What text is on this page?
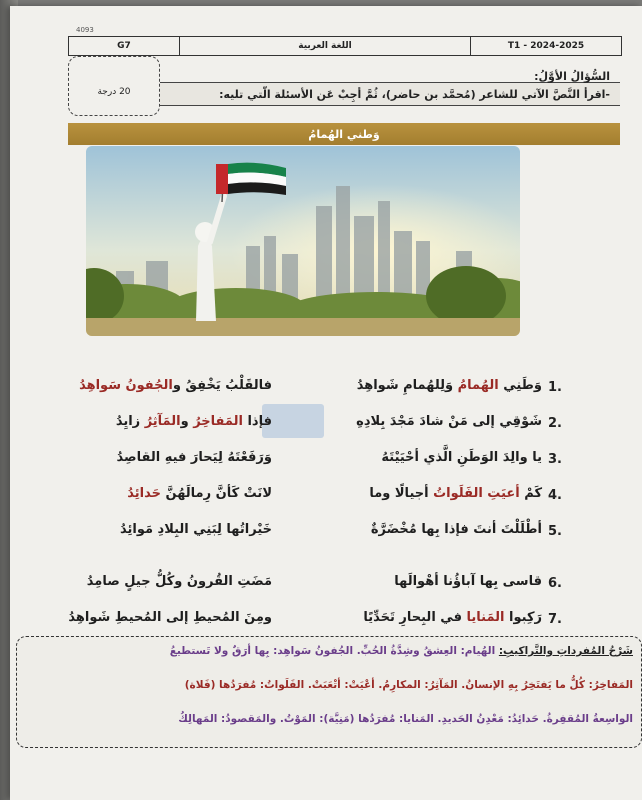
4093
G7	اللغة العربية	T1 - 2024-2025
السُّؤالُ الأوَّلُ:
-اقرأ النَّصَّ الآتي للشاعر (مُحمَّد بن حاضر)، ثُمَّ أجِبْ عَن الأسئلة الّتي تليه:
20 درجة
وَطني الهُمامُ
1.
وَطَنِي الهُمامُ وَلِلهُمامِ شَواهِدُ
فالقَلْبُ يَخْفِقُ والجُفونُ سَواهِدُ
2.
شَوْقِي إلى مَنْ شادَ مَجْدَ بِلادِهِ
فإذا المَفاخِرُ والمَآثِرُ زايِدُ
3.
يا والِدَ الوَطَنِ الَّذي أحْيَيْتَهُ
وَرَفَعْتَهُ لِيَحارَ فيهِ القاصِدُ
4.
كَمْ أعيَتِ الفَلَواتُ أجيالًا وما
لانَتْ كَأنَّ رِمالَهُنَّ حَدائِدُ
5.
أطْلَلْتَ أنتَ فإذا بِها مُخْضَرَّةٌ
خَيْراتُها لِبَنِي البِلادِ مَوائِدُ
6.
قاسى بِها آباؤُنا أهْوالَها
مَضَتِ القُرونُ وكُلُّ جيلٍ صامِدُ
7.
رَكِبوا المَنايا في البِحارِ تَحَدِّيًا
ومِنَ المُحيطِ إلى المُحيطِ شَواهِدُ
شَرْحُ المُفرداتِ والتَّراكيبِ: الهُيام: العِشقُ وشِدَّةُ الحُبِّ. الجُفونُ سَواهِد: بِها أرَقٌ ولا تَستطيعُ
المَفاخِرُ: كُلُّ ما يَفتَخِرُ بِهِ الإنسانُ. المَآثِرُ: المكارِمُ. أعْيَتْ: أتْعَبَتْ. الفَلَواتُ: مُفرَدُها (فَلاة)
الواسِعةُ المُقفِرةُ. حَدائِدُ: مَعْدِنُ الحَديدِ. المَنايا: مُفرَدُها (مَنِيَّة): المَوْتُ. والمَقصودُ: المَهالِكُ
